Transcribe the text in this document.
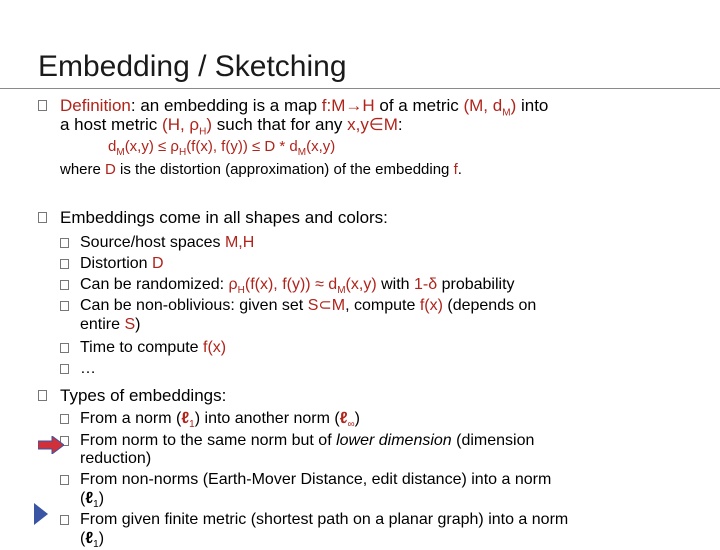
Embedding / Sketching
Definition: an embedding is a map f:M→H of a metric (M, $d_M$) into
a host metric (H, $\rho_H$) such that for any x,y∈M:
$d_M(x,y) \le \rho_H(f(x)$, $f(y)) \le D * d_M(x,y)$
where D is the distortion (approximation) of the embedding f.
Embeddings come in all shapes and colors:
Source/host spaces M,H
Distortion D
Can be randomized: $\rho_H(f(x)$, $f(y)) \approx d_M(x,y)$ with 1-δ probability
Can be non-oblivious: given set S⊂M, compute f(x) (depends on
entire S)
Time to compute f(x)
…
Types of embeddings:
From a norm (ℓ$_1$) into another norm (ℓ$_\infty$)
From norm to the same norm but of lower dimension (dimension
reduction)
From non-norms (Earth-Mover Distance, edit distance) into a norm
(ℓ$_1$)
From given finite metric (shortest path on a planar graph) into a norm
(ℓ$_1$)
